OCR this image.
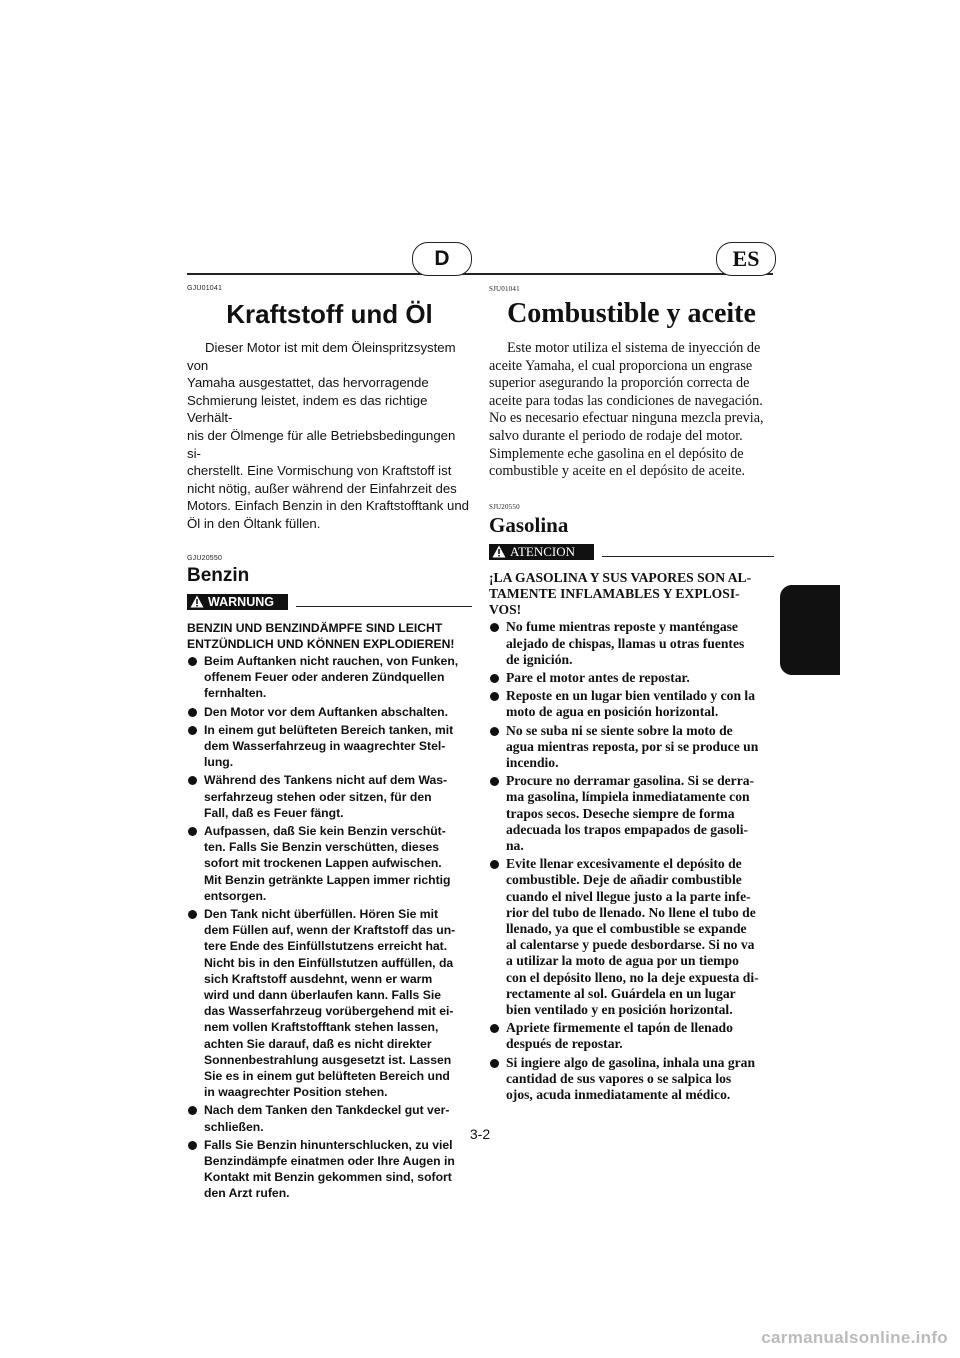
D	ES

GJU01041

Kraftstoff und Öl

Dieser Motor ist mit dem Öleinspritzsystem von
Yamaha ausgestattet, das hervorragende
Schmierung leistet, indem es das richtige Verhält-
nis der Ölmenge für alle Betriebsbedingungen si-
cherstellt. Eine Vormischung von Kraftstoff ist
nicht nötig, außer während der Einfahrzeit des
Motors. Einfach Benzin in den Kraftstofftank und
Öl in den Öltank füllen.

GJU20550

Benzin
WARNUNG

BENZIN UND BENZINDÄMPFE SIND LEICHT
ENTZÜNDLICH UND KÖNNEN EXPLODIEREN!

Beim Auftanken nicht rauchen, von Funken,
offenem Feuer oder anderen Zündquellen
fernhalten.
Den Motor vor dem Auftanken abschalten.
In einem gut belüfteten Bereich tanken, mit
dem Wasserfahrzeug in waagrechter Stel-
lung.
Während des Tankens nicht auf dem Was-
serfahrzeug stehen oder sitzen, für den
Fall, daß es Feuer fängt.
Aufpassen, daß Sie kein Benzin verschüt-
ten. Falls Sie Benzin verschütten, dieses
sofort mit trockenen Lappen aufwischen.
Mit Benzin getränkte Lappen immer richtig
entsorgen.
Den Tank nicht überfüllen. Hören Sie mit
dem Füllen auf, wenn der Kraftstoff das un-
tere Ende des Einfüllstutzens erreicht hat.
Nicht bis in den Einfüllstutzen auffüllen, da
sich Kraftstoff ausdehnt, wenn er warm
wird und dann überlaufen kann. Falls Sie
das Wasserfahrzeug vorübergehend mit ei-
nem vollen Kraftstofftank stehen lassen,
achten Sie darauf, daß es nicht direkter
Sonnenbestrahlung ausgesetzt ist. Lassen
Sie es in einem gut belüfteten Bereich und
in waagrechter Position stehen.
Nach dem Tanken den Tankdeckel gut ver-
schließen.
Falls Sie Benzin hinunterschlucken, zu viel
Benzindämpfe einatmen oder Ihre Augen in
Kontakt mit Benzin gekommen sind, sofort
den Arzt rufen.

SJU01041

Combustible y aceite

Este motor utiliza el sistema de inyección de
aceite Yamaha, el cual proporciona un engrase
superior asegurando la proporción correcta de
aceite para todas las condiciones de navegación.
No es necesario efectuar ninguna mezcla previa,
salvo durante el periodo de rodaje del motor.
Simplemente eche gasolina en el depósito de
combustible y aceite en el depósito de aceite.

SJU20550

Gasolina
ATENCION

¡LA GASOLINA Y SUS VAPORES SON AL-
TAMENTE INFLAMABLES Y EXPLOSI-
VOS!

No fume mientras reposte y manténgase
alejado de chispas, llamas u otras fuentes
de ignición.
Pare el motor antes de repostar.
Reposte en un lugar bien ventilado y con la
moto de agua en posición horizontal.
No se suba ni se siente sobre la moto de
agua mientras reposta, por si se produce un
incendio.
Procure no derramar gasolina. Si se derra-
ma gasolina, límpiela inmediatamente con
trapos secos. Deseche siempre de forma
adecuada los trapos empapados de gasoli-
na.
Evite llenar excesivamente el depósito de
combustible. Deje de añadir combustible
cuando el nivel llegue justo a la parte infe-
rior del tubo de llenado. No llene el tubo de
llenado, ya que el combustible se expande
al calentarse y puede desbordarse. Si no va
a utilizar la moto de agua por un tiempo
con el depósito lleno, no la deje expuesta di-
rectamente al sol. Guárdela en un lugar
bien ventilado y en posición horizontal.
Apriete firmemente el tapón de llenado
después de repostar.
Si ingiere algo de gasolina, inhala una gran
cantidad de sus vapores o se salpica los
ojos, acuda inmediatamente al médico.
3-2
carmanualsonline.info
